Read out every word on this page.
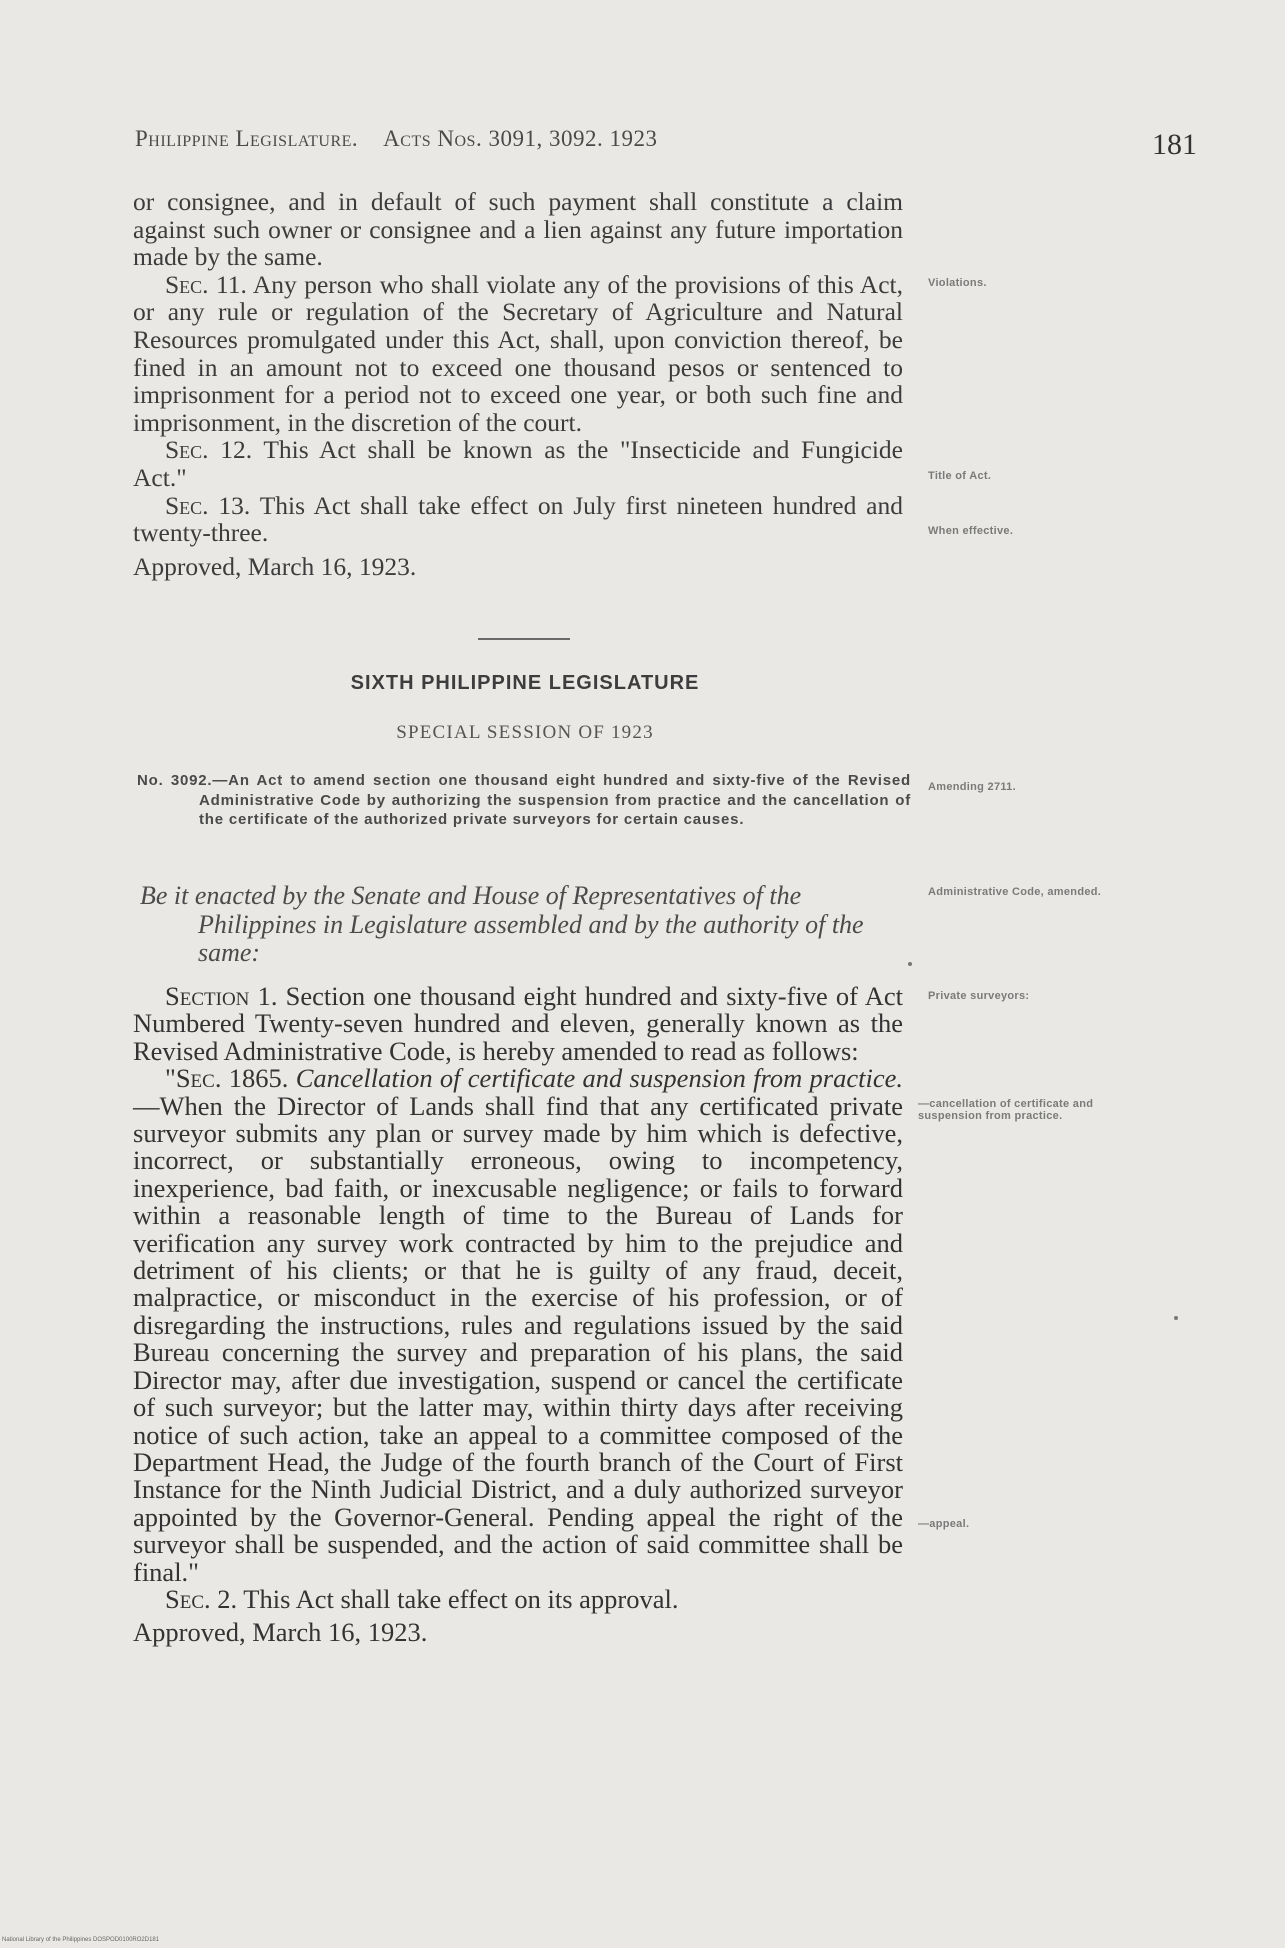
Philippine Legislature. Acts Nos. 3091, 3092. 1923	181

or consignee, and in default of such payment shall constitute a claim against such owner or consignee and a lien against any future importation made by the same.

Sec. 11. Any person who shall violate any of the provisions of this Act, or any rule or regulation of the Secretary of Agriculture and Natural Resources promulgated under this Act, shall, upon conviction thereof, be fined in an amount not to exceed one thousand pesos or sentenced to imprisonment for a period not to exceed one year, or both such fine and imprisonment, in the discretion of the court.

Sec. 12. This Act shall be known as the "Insecticide and Fungicide Act."

Sec. 13. This Act shall take effect on July first nineteen hundred and twenty-three.

Approved, March 16, 1923.

SIXTH PHILIPPINE LEGISLATURE
SPECIAL SESSION OF 1923

No. 3092.—An Act to amend section one thousand eight hundred and sixty-five of the Revised Administrative Code by authorizing the suspension from practice and the cancellation of the certificate of the authorized private surveyors for certain causes.

Be it enacted by the Senate and House of Representatives of the Philippines in Legislature assembled and by the authority of the same:

Section 1. Section one thousand eight hundred and sixty-five of Act Numbered Twenty-seven hundred and eleven, generally known as the Revised Administrative Code, is hereby amended to read as follows:

"Sec. 1865. Cancellation of certificate and suspension from practice.—When the Director of Lands shall find that any certificated private surveyor submits any plan or survey made by him which is defective, incorrect, or substantially erroneous, owing to incompetency, inexperience, bad faith, or inexcusable negligence; or fails to forward within a reasonable length of time to the Bureau of Lands for verification any survey work contracted by him to the prejudice and detriment of his clients; or that he is guilty of any fraud, deceit, malpractice, or misconduct in the exercise of his profession, or of disregarding the instructions, rules and regulations issued by the said Bureau concerning the survey and preparation of his plans, the said Director may, after due investigation, suspend or cancel the certificate of such surveyor; but the latter may, within thirty days after receiving notice of such action, take an appeal to a committee composed of the Department Head, the Judge of the fourth branch of the Court of First Instance for the Ninth Judicial District, and a duly authorized surveyor appointed by the Governor-General. Pending appeal the right of the surveyor shall be suspended, and the action of said committee shall be final."

Sec. 2. This Act shall take effect on its approval.

Approved, March 16, 1923.

Violations.
Title of Act.
When effective.
Amending 2711.
Administrative Code, amended.
Private surveyors:
—cancellation of certificate and suspension from practice.
—appeal.
National Library of the Philippines DOSPOD0100RO2D181
